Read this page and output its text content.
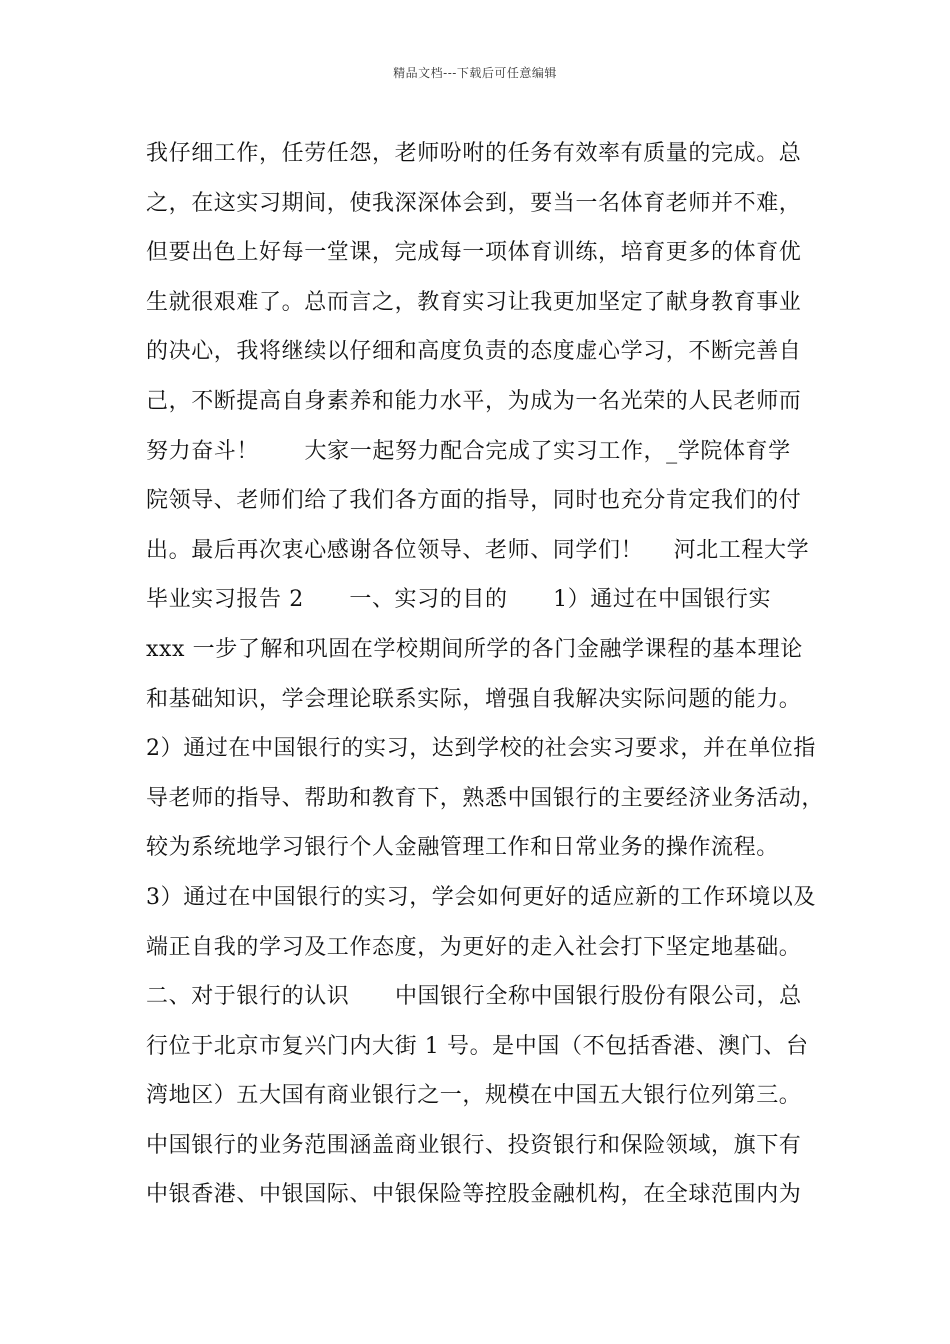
精品文档---下载后可任意编辑
我仔细工作，任劳任怨，老师吩咐的任务有效率有质量的完成。总
之，在这实习期间，使我深深体会到，要当一名体育老师并不难，
但要出色上好每一堂课，完成每一项体育训练，培育更多的体育优
生就很艰难了。总而言之，教育实习让我更加坚定了献身教育事业
的决心，我将继续以仔细和高度负责的态度虚心学习，不断完善自
己，不断提高自身素养和能力水平，为成为一名光荣的人民老师而
努力奋斗！      大家一起努力配合完成了实习工作，_学院体育学
院领导、老师们给了我们各方面的指导，同时也充分肯定我们的付
出。最后再次衷心感谢各位领导、老师、同学们！    河北工程大学
毕业实习报告 2      一、实习的目的      1）通过在中国银行实
xxx 一步了解和巩固在学校期间所学的各门金融学课程的基本理论
和基础知识，学会理论联系实际，增强自我解决实际问题的能力。
2）通过在中国银行的实习，达到学校的社会实习要求，并在单位指
导老师的指导、帮助和教育下，熟悉中国银行的主要经济业务活动，
较为系统地学习银行个人金融管理工作和日常业务的操作流程。
3）通过在中国银行的实习，学会如何更好的适应新的工作环境以及
端正自我的学习及工作态度，为更好的走入社会打下坚定地基础。
二、对于银行的认识      中国银行全称中国银行股份有限公司，总
行位于北京市复兴门内大街 1 号。是中国（不包括香港、澳门、台
湾地区）五大国有商业银行之一，规模在中国五大银行位列第三。
中国银行的业务范围涵盖商业银行、投资银行和保险领域，旗下有
中银香港、中银国际、中银保险等控股金融机构，在全球范围内为
